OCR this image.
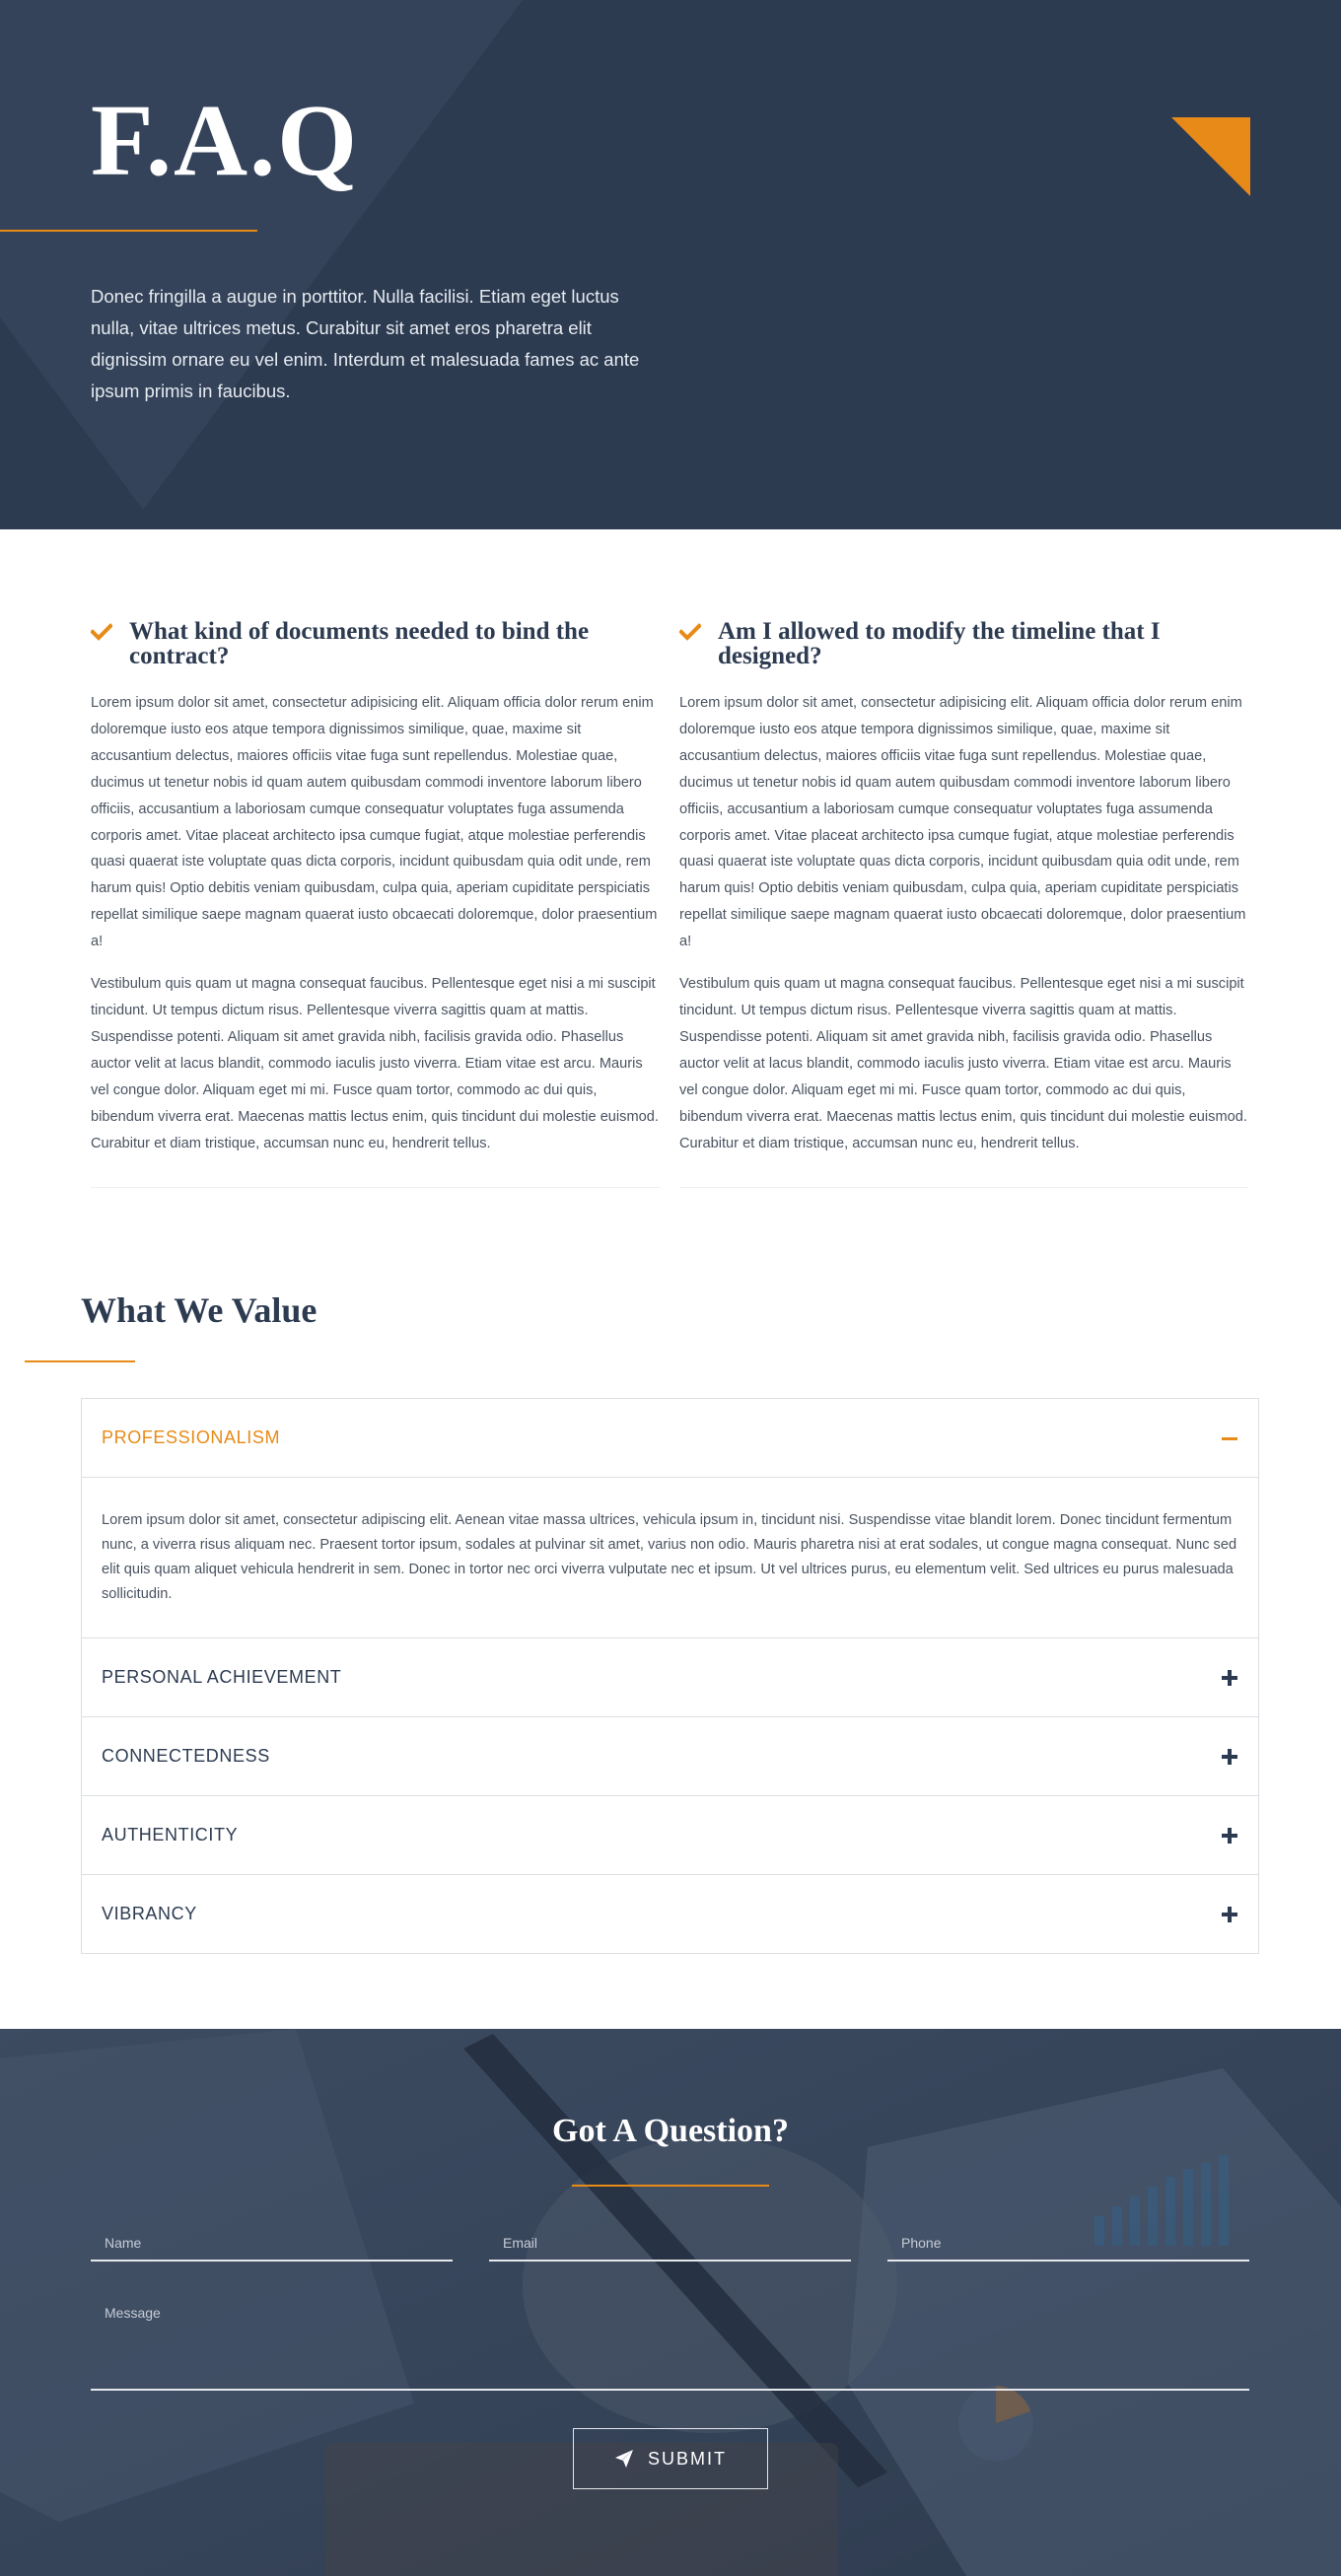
F.A.Q

Donec fringilla a augue in porttitor. Nulla facilisi. Etiam eget luctus nulla, vitae ultrices metus. Curabitur sit amet eros pharetra elit dignissim ornare eu vel enim. Interdum et malesuada fames ac ante ipsum primis in faucibus.

What kind of documents needed to bind the contract?

Lorem ipsum dolor sit amet, consectetur adipisicing elit. Aliquam officia dolor rerum enim doloremque iusto eos atque tempora dignissimos similique, quae, maxime sit accusantium delectus, maiores officiis vitae fuga sunt repellendus. Molestiae quae, ducimus ut tenetur nobis id quam autem quibusdam commodi inventore laborum libero officiis, accusantium a laboriosam cumque consequatur voluptates fuga assumenda corporis amet. Vitae placeat architecto ipsa cumque fugiat, atque molestiae perferendis quasi quaerat iste voluptate quas dicta corporis, incidunt quibusdam quia odit unde, rem harum quis! Optio debitis veniam quibusdam, culpa quia, aperiam cupiditate perspiciatis repellat similique saepe magnam quaerat iusto obcaecati doloremque, dolor praesentium a!

Vestibulum quis quam ut magna consequat faucibus. Pellentesque eget nisi a mi suscipit tincidunt. Ut tempus dictum risus. Pellentesque viverra sagittis quam at mattis. Suspendisse potenti. Aliquam sit amet gravida nibh, facilisis gravida odio. Phasellus auctor velit at lacus blandit, commodo iaculis justo viverra. Etiam vitae est arcu. Mauris vel congue dolor. Aliquam eget mi mi. Fusce quam tortor, commodo ac dui quis, bibendum viverra erat. Maecenas mattis lectus enim, quis tincidunt dui molestie euismod. Curabitur et diam tristique, accumsan nunc eu, hendrerit tellus.

Am I allowed to modify the timeline that I designed?

Lorem ipsum dolor sit amet, consectetur adipisicing elit. Aliquam officia dolor rerum enim doloremque iusto eos atque tempora dignissimos similique, quae, maxime sit accusantium delectus, maiores officiis vitae fuga sunt repellendus. Molestiae quae, ducimus ut tenetur nobis id quam autem quibusdam commodi inventore laborum libero officiis, accusantium a laboriosam cumque consequatur voluptates fuga assumenda corporis amet. Vitae placeat architecto ipsa cumque fugiat, atque molestiae perferendis quasi quaerat iste voluptate quas dicta corporis, incidunt quibusdam quia odit unde, rem harum quis! Optio debitis veniam quibusdam, culpa quia, aperiam cupiditate perspiciatis repellat similique saepe magnam quaerat iusto obcaecati doloremque, dolor praesentium a!

Vestibulum quis quam ut magna consequat faucibus. Pellentesque eget nisi a mi suscipit tincidunt. Ut tempus dictum risus. Pellentesque viverra sagittis quam at mattis. Suspendisse potenti. Aliquam sit amet gravida nibh, facilisis gravida odio. Phasellus auctor velit at lacus blandit, commodo iaculis justo viverra. Etiam vitae est arcu. Mauris vel congue dolor. Aliquam eget mi mi. Fusce quam tortor, commodo ac dui quis, bibendum viverra erat. Maecenas mattis lectus enim, quis tincidunt dui molestie euismod. Curabitur et diam tristique, accumsan nunc eu, hendrerit tellus.

What We Value
PROFESSIONALISM
Lorem ipsum dolor sit amet, consectetur adipiscing elit. Aenean vitae massa ultrices, vehicula ipsum in, tincidunt nisi. Suspendisse vitae blandit lorem. Donec tincidunt fermentum nunc, a viverra risus aliquam nec. Praesent tortor ipsum, sodales at pulvinar sit amet, varius non odio. Mauris pharetra nisi at erat sodales, ut congue magna consequat. Nunc sed elit quis quam aliquet vehicula hendrerit in sem. Donec in tortor nec orci viverra vulputate nec et ipsum. Ut vel ultrices purus, eu elementum velit. Sed ultrices eu purus malesuada sollicitudin.
PERSONAL ACHIEVEMENT
CONNECTEDNESS
AUTHENTICITY
VIBRANCY
Got A Question?
Name
Email
Phone
Message
SUBMIT
